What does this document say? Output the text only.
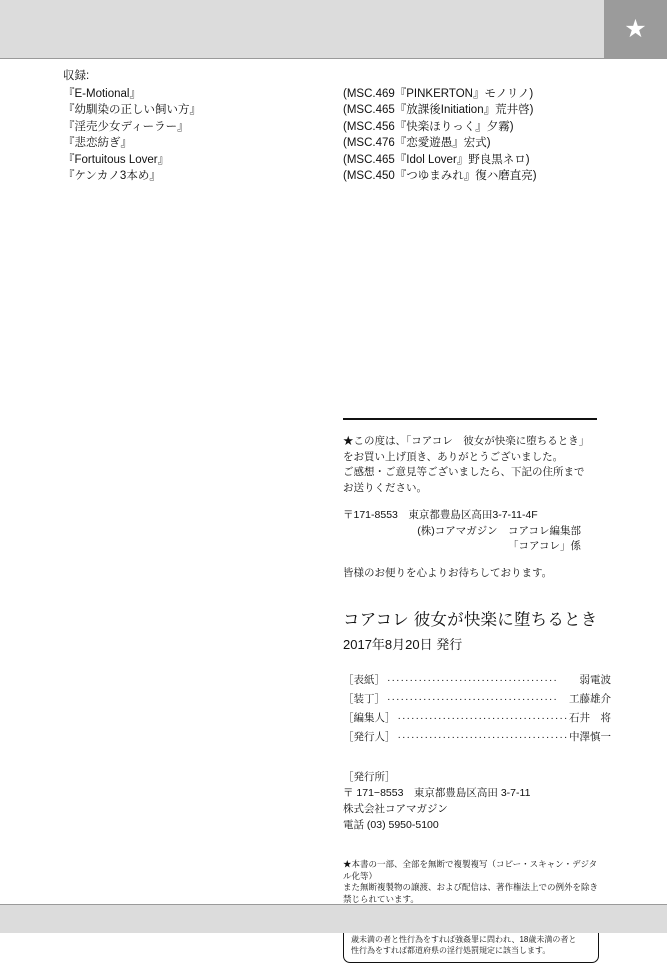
★
収録:
『E-Motional』
『幼馴染の正しい飼い方』
『淫売少女ディーラー』
『悲恋紡ぎ』
『Fortuitous Lover』
『ケンカノ3本め』
(MSC.469『PINKERTON』モノリノ)
(MSC.465『放課後Initiation』荒井啓)
(MSC.456『快楽ほりっく』夕霧)
(MSC.476『恋愛遊愚』宏式)
(MSC.465『Idol Lover』野良黒ネロ)
(MSC.450『つゆまみれ』復ハ磨直亮)
★この度は、「コアコレ　彼女が快楽に堕ちるとき」
をお買い上げ頂き、ありがとうございました。
ご感想・ご意見等ございましたら、下記の住所まで
お送りください。
〒171-8553　東京都豊島区高田3-7-11-4F
(株)コアマガジン　コアコレ編集部
「コアコレ」係
皆様のお便りを心よりお待ちしております。
コアコレ 彼女が快楽に堕ちるとき
2017年8月20日 発行
［表紙］ ······································	弱電波
［装丁］ ······································	工藤雄介
［編集人］ ······································ 石井　将
［発行人］ ······································ 中澤慎一
［発行所］
〒 171−8553　東京都豊島区高田 3-7-11
株式会社コアマガジン
電話 (03) 5950-5100
★本書の一部、全部を無断で複製複写（コピー・スキャン・デジタル化等）
また無断複製物の譲渡、および配信は、著作権法上での例外を除き
禁じられています。
歳未満の者と性行為をすれば強姦罪に問われ、18歳未満の者と
性行為をすれば都道府県の淫行処罰規定に該当します。
